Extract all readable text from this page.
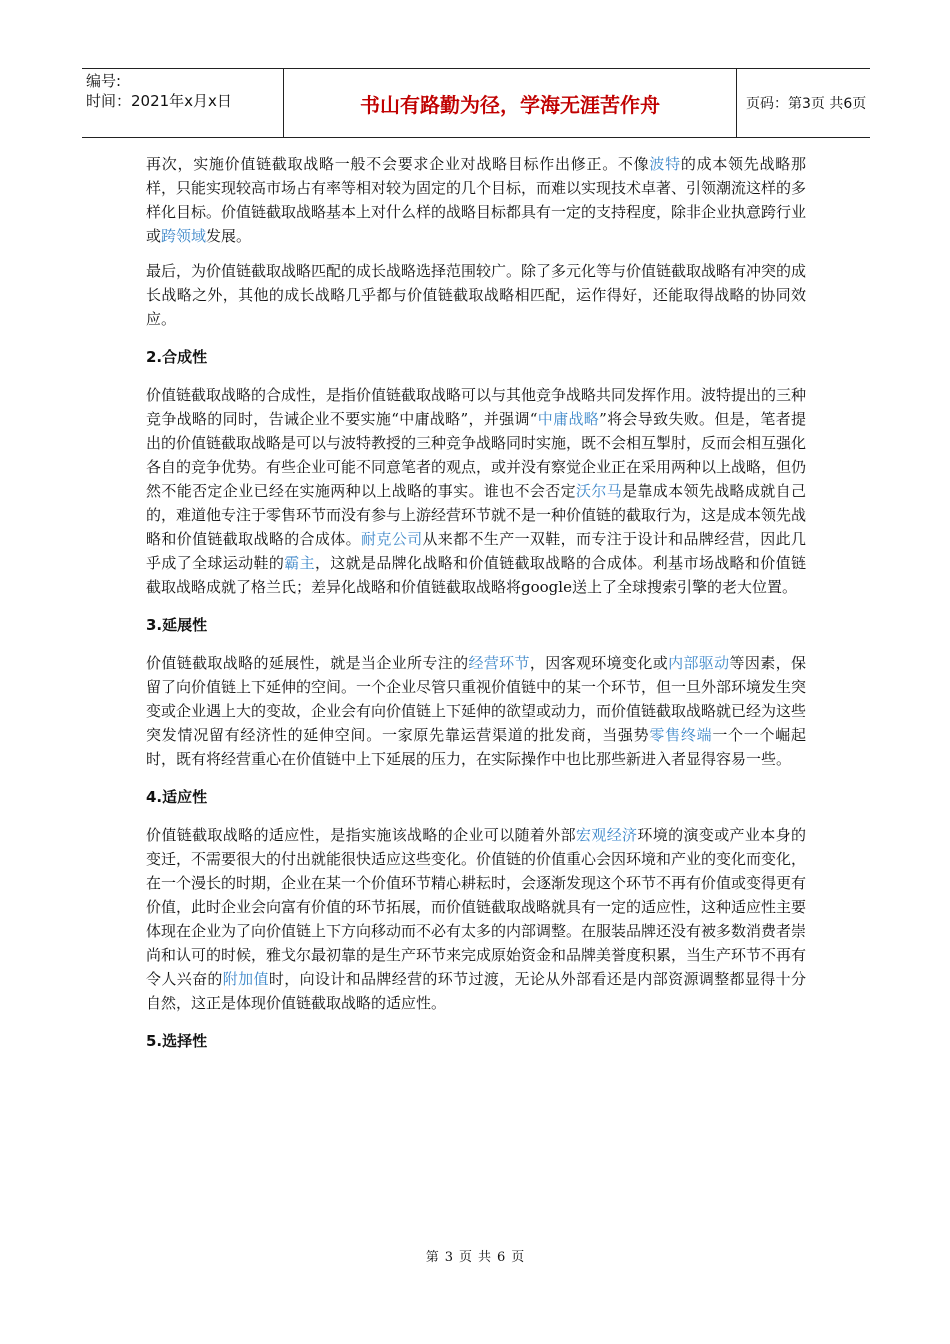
编号:
时间：2021年x月x日	书山有路勤为径，学海无涯苦作舟	页码：第3页 共6页

再次，实施价值链截取战略一般不会要求企业对战略目标作出修正。不像波特的成本领先战略那样，只能实现较高市场占有率等相对较为固定的几个目标，而难以实现技术卓著、引领潮流这样的多样化目标。价值链截取战略基本上对什么样的战略目标都具有一定的支持程度，除非企业执意跨行业或跨领域发展。

最后，为价值链截取战略匹配的成长战略选择范围较广。除了多元化等与价值链截取战略有冲突的成长战略之外，其他的成长战略几乎都与价值链截取战略相匹配，运作得好，还能取得战略的协同效应。

2.合成性

价值链截取战略的合成性，是指价值链截取战略可以与其他竞争战略共同发挥作用。波特提出的三种竞争战略的同时，告诫企业不要实施“中庸战略”，并强调“中庸战略”将会导致失败。但是，笔者提出的价值链截取战略是可以与波特教授的三种竞争战略同时实施，既不会相互掣肘，反而会相互强化各自的竞争优势。有些企业可能不同意笔者的观点，或并没有察觉企业正在采用两种以上战略，但仍然不能否定企业已经在实施两种以上战略的事实。谁也不会否定沃尔马是靠成本领先战略成就自己的，难道他专注于零售环节而没有参与上游经营环节就不是一种价值链的截取行为，这是成本领先战略和价值链截取战略的合成体。耐克公司从来都不生产一双鞋，而专注于设计和品牌经营，因此几乎成了全球运动鞋的霸主，这就是品牌化战略和价值链截取战略的合成体。利基市场战略和价值链截取战略成就了格兰氏；差异化战略和价值链截取战略将google送上了全球搜索引擎的老大位置。

3.延展性

价值链截取战略的延展性，就是当企业所专注的经营环节，因客观环境变化或内部驱动等因素，保留了向价值链上下延伸的空间。一个企业尽管只重视价值链中的某一个环节，但一旦外部环境发生突变或企业遇上大的变故，企业会有向价值链上下延伸的欲望或动力，而价值链截取战略就已经为这些突发情况留有经济性的延伸空间。一家原先靠运营渠道的批发商，当强势零售终端一个一个崛起时，既有将经营重心在价值链中上下延展的压力，在实际操作中也比那些新进入者显得容易一些。

4.适应性

价值链截取战略的适应性，是指实施该战略的企业可以随着外部宏观经济环境的演变或产业本身的变迁，不需要很大的付出就能很快适应这些变化。价值链的价值重心会因环境和产业的变化而变化，在一个漫长的时期，企业在某一个价值环节精心耕耘时，会逐渐发现这个环节不再有价值或变得更有价值，此时企业会向富有价值的环节拓展，而价值链截取战略就具有一定的适应性，这种适应性主要体现在企业为了向价值链上下方向移动而不必有太多的内部调整。在服装品牌还没有被多数消费者崇尚和认可的时候，雅戈尔最初靠的是生产环节来完成原始资金和品牌美誉度积累，当生产环节不再有令人兴奋的附加值时，向设计和品牌经营的环节过渡，无论从外部看还是内部资源调整都显得十分自然，这正是体现价值链截取战略的适应性。

5.选择性
第 3 页 共 6 页
